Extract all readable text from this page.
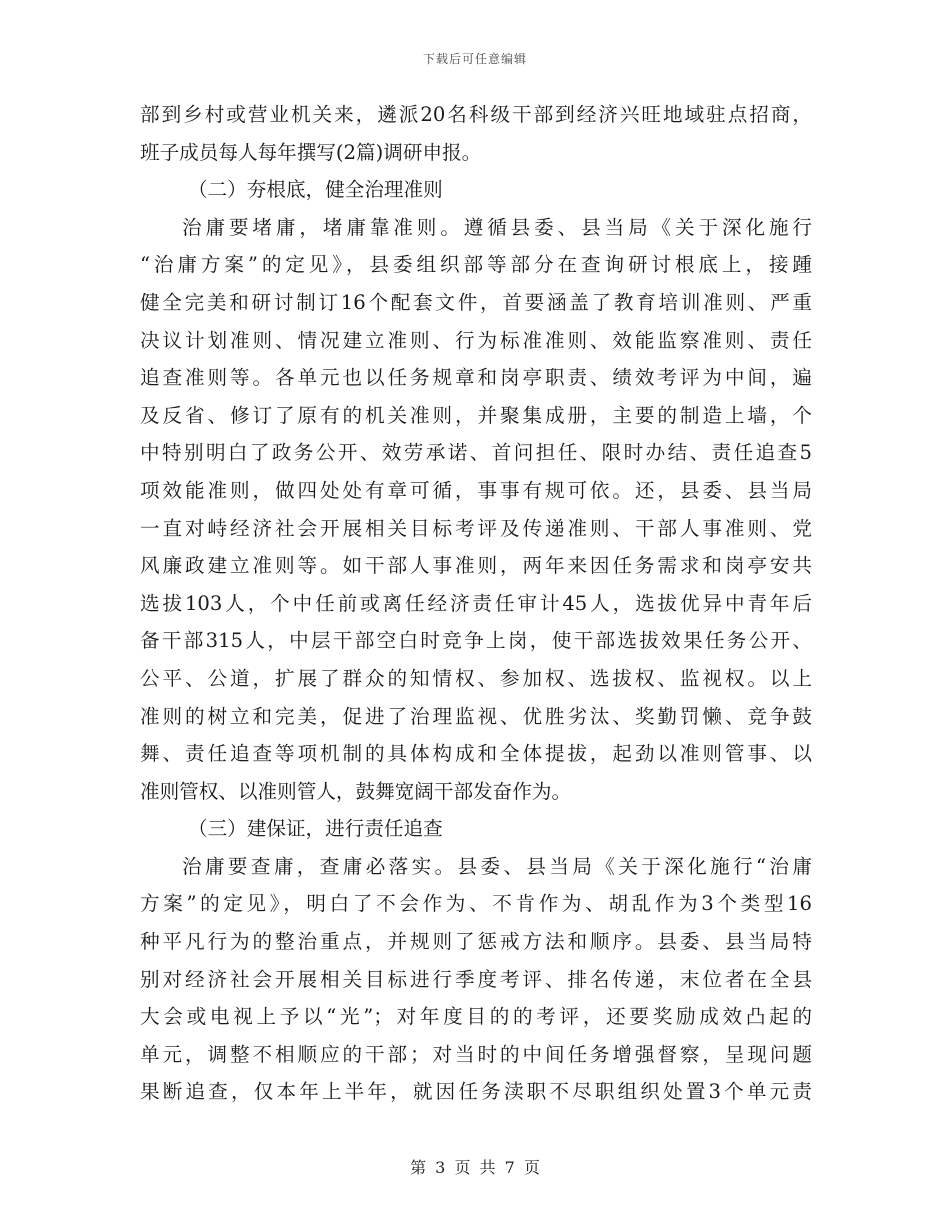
下载后可任意编辑
部到乡村或营业机关来，遴派20名科级干部到经济兴旺地域驻点招商，
班子成员每人每年撰写(2篇)调研申报。
（二）夯根底，健全治理准则
治庸要堵庸，堵庸靠准则。遵循县委、县当局《关于深化施行
“治庸方案”的定见》，县委组织部等部分在查询研讨根底上，接踵
健全完美和研讨制订16个配套文件，首要涵盖了教育培训准则、严重
决议计划准则、情况建立准则、行为标准准则、效能监察准则、责任
追查准则等。各单元也以任务规章和岗亭职责、绩效考评为中间，遍
及反省、修订了原有的机关准则，并聚集成册，主要的制造上墙，个
中特别明白了政务公开、效劳承诺、首问担任、限时办结、责任追查5
项效能准则，做四处处有章可循，事事有规可依。还，县委、县当局
一直对峙经济社会开展相关目标考评及传递准则、干部人事准则、党
风廉政建立准则等。如干部人事准则，两年来因任务需求和岗亭安共
选拔103人，个中任前或离任经济责任审计45人，选拔优异中青年后
备干部315人，中层干部空白时竞争上岗，使干部选拔效果任务公开、
公平、公道，扩展了群众的知情权、参加权、选拔权、监视权。以上
准则的树立和完美，促进了治理监视、优胜劣汰、奖勤罚懒、竞争鼓
舞、责任追查等项机制的具体构成和全体提拔，起劲以准则管事、以
准则管权、以准则管人，鼓舞宽阔干部发奋作为。
（三）建保证，进行责任追查
治庸要查庸，查庸必落实。县委、县当局《关于深化施行“治庸
方案”的定见》，明白了不会作为、不肯作为、胡乱作为3个类型16
种平凡行为的整治重点，并规则了惩戒方法和顺序。县委、县当局特
别对经济社会开展相关目标进行季度考评、排名传递，末位者在全县
大会或电视上予以“光”；对年度目的的考评，还要奖励成效凸起的
单元，调整不相顺应的干部；对当时的中间任务增强督察，呈现问题
果断追查，仅本年上半年，就因任务渎职不尽职组织处置3个单元责
第 3 页 共 7 页
